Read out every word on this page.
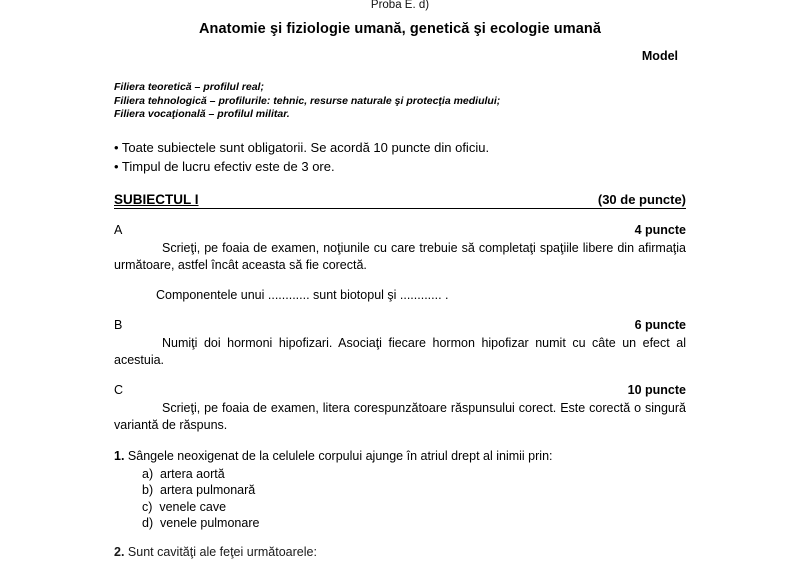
Proba E. d)
Anatomie şi fiziologie umană, genetică şi ecologie umană
Model
Filiera teoretică – profilul real;
Filiera tehnologică – profilurile: tehnic, resurse naturale şi protecţia mediului;
Filiera vocaţională – profilul militar.
• Toate subiectele sunt obligatorii. Se acordă 10 puncte din oficiu.
• Timpul de lucru efectiv este de 3 ore.
SUBIECTUL I	(30 de puncte)
A	4 puncte
Scrieţi, pe foaia de examen, noţiunile cu care trebuie să completaţi spaţiile libere din afirmaţia următoare, astfel încât aceasta să fie corectă.
Componentele unui ............ sunt biotopul şi ............ .
B	6 puncte
Numiţi doi hormoni hipofizari. Asociaţi fiecare hormon hipofizar numit cu câte un efect al acestuia.
C	10 puncte
Scrieţi, pe foaia de examen, litera corespunzătoare răspunsului corect. Este corectă o singură variantă de răspuns.
1. Sângele neoxigenat de la celulele corpului ajunge în atriul drept al inimii prin:
a)  artera aortă
b)  artera pulmonară
c)  venele cave
d)  venele pulmonare
2. Sunt cavităţi ale feţei următoarele:
